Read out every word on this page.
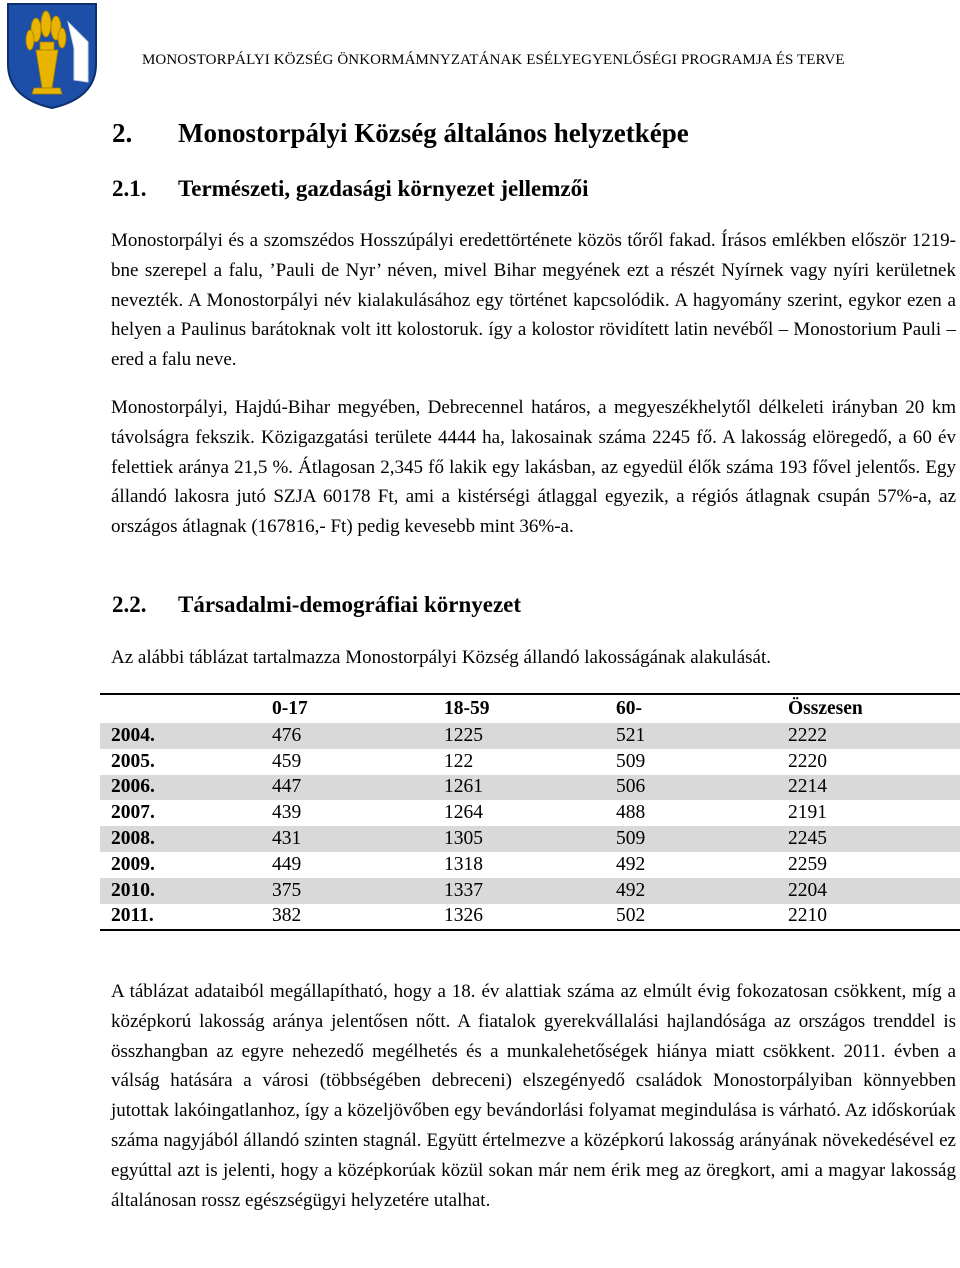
MONOSTORPÁLYI KÖZSÉG ÖNKORMÁMNYZATÁNAK ESÉLYEGYENLŐSÉGI PROGRAMJA ÉS TERVE
2. Monostorpályi Község általános helyzetképe
2.1. Természeti, gazdasági környezet jellemzői

Monostorpályi és a szomszédos Hosszúpályi eredettörténete közös tőről fakad. Írásos emlékben először 1219-bne szerepel a falu, ’Pauli de Nyr’ néven, mivel Bihar megyének ezt a részét Nyírnek vagy nyíri kerületnek nevezték. A Monostorpályi név kialakulásához egy történet kapcsolódik. A hagyomány szerint, egykor ezen a helyen a Paulinus barátoknak volt itt kolostoruk. így a kolostor rövidített latin nevéből – Monostorium Pauli – ered a falu neve.

Monostorpályi, Hajdú-Bihar megyében, Debrecennel határos, a megyeszékhelytől délkeleti irányban 20 km távolságra fekszik. Közigazgatási területe 4444 ha, lakosainak száma 2245 fő. A lakosság elöregedő, a 60 év felettiek aránya 21,5 %. Átlagosan 2,345 fő lakik egy lakásban, az egyedül élők száma 193 fővel jelentős. Egy állandó lakosra jutó SZJA 60178 Ft, ami a kistérségi átlaggal egyezik, a régiós átlagnak csupán 57%-a, az országos átlagnak (167816,- Ft) pedig kevesebb mint 36%-a.

2.2. Társadalmi-demográfiai környezet

Az alábbi táblázat tartalmazza Monostorpályi Község állandó lakosságának alakulását.

	0-17	18-59	60-	Összesen
2004.	476	1225	521	2222
2005.	459	122	509	2220
2006.	447	1261	506	2214
2007.	439	1264	488	2191
2008.	431	1305	509	2245
2009.	449	1318	492	2259
2010.	375	1337	492	2204
2011.	382	1326	502	2210

A táblázat adataiból megállapítható, hogy a 18. év alattiak száma az elmúlt évig fokozatosan csökkent, míg a középkorú lakosság aránya jelentősen nőtt. A fiatalok gyerekvállalási hajlandósága az országos trenddel is összhangban az egyre nehezedő megélhetés és a munkalehetőségek hiánya miatt csökkent. 2011. évben a válság hatására a városi (többségében debreceni) elszegényedő családok Monostorpályiban könnyebben jutottak lakóingatlanhoz, így a közeljövőben egy bevándorlási folyamat megindulása is várható. Az időskorúak száma nagyjából állandó szinten stagnál. Együtt értelmezve a középkorú lakosság arányának növekedésével ez egyúttal azt is jelenti, hogy a középkorúak közül sokan már nem érik meg az öregkort, ami a magyar lakosság általánosan rossz egészségügyi helyzetére utalhat.
